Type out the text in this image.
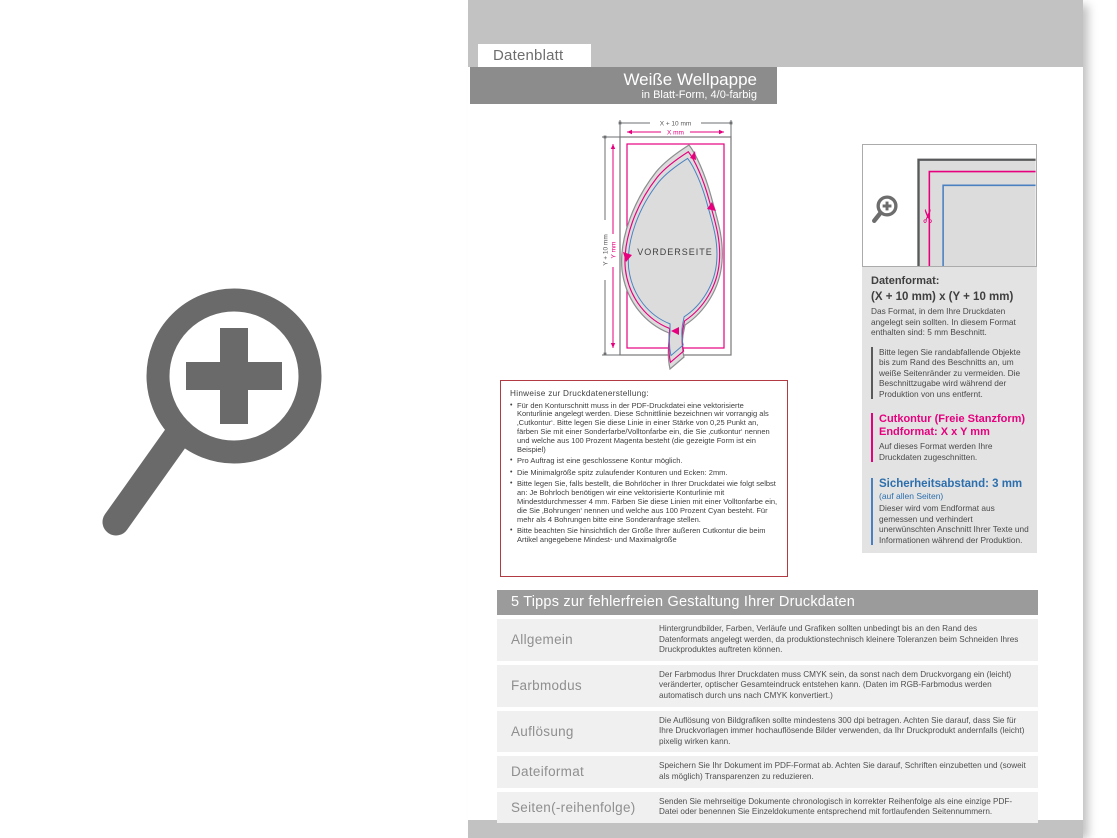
Datenblatt
Weiße Wellpappe
in Blatt-Form, 4/0-farbig
X + 10 mm
X mm
Y + 10 mm Y mm VORDERSEITE
✂
Datenformat:
(X + 10 mm) x (Y + 10 mm)
Das Format, in dem Ihre Druckdaten angelegt sein sollten. In diesem Format enthalten sind: 5 mm Beschnitt.
Bitte legen Sie randabfallende Objekte bis zum Rand des Beschnitts an, um weiße Seitenränder zu vermeiden. Die Beschnittzugabe wird während der Produktion von uns entfernt.
Cutkontur (Freie Stanzform)
Endformat: X x Y mm
Auf dieses Format werden Ihre Druckdaten zugeschnitten.
Sicherheitsabstand: 3 mm
(auf allen Seiten)
Dieser wird vom Endformat aus gemessen und verhindert unerwünschten Anschnitt Ihrer Texte und Informationen während der Produktion.
Hinweise zur Druckdatenerstellung:
• Für den Konturschnitt muss in der PDF-Druckdatei eine vektorisierte Konturlinie angelegt werden. Diese Schnittlinie bezeichnen wir vorrangig als ‚Cutkontur‘. Bitte legen Sie diese Linie in einer Stärke von 0,25 Punkt an, färben Sie mit einer Sonderfarbe/Volltonfarbe ein, die Sie ‚cutkontur‘ nennen und welche aus 100 Prozent Magenta besteht (die gezeigte Form ist ein Beispiel)
• Pro Auftrag ist eine geschlossene Kontur möglich.
• Die Minimalgröße spitz zulaufender Konturen und Ecken: 2mm.
• Bitte legen Sie, falls bestellt, die Bohrlöcher in Ihrer Druckdatei wie folgt selbst an: Je Bohrloch benötigen wir eine vektorisierte Konturlinie mit Mindestdurchmesser 4 mm. Färben Sie diese Linien mit einer Volltonfarbe ein, die Sie ‚Bohrungen‘ nennen und welche aus 100 Prozent Cyan besteht. Für mehr als 4 Bohrungen bitte eine Sonderanfrage stellen.
• Bitte beachten Sie hinsichtlich der Größe Ihrer äußeren Cutkontur die beim Artikel angegebene Mindest- und Maximalgröße
5 Tipps zur fehlerfreien Gestaltung Ihrer Druckdaten
Allgemein
Hintergrundbilder, Farben, Verläufe und Grafiken sollten unbedingt bis an den Rand des Datenformats angelegt werden, da produktionstechnisch kleinere Toleranzen beim Schneiden Ihres Druckproduktes auftreten können.
Farbmodus
Der Farbmodus Ihrer Druckdaten muss CMYK sein, da sonst nach dem Druckvorgang ein (leicht) veränderter, optischer Gesamteindruck entstehen kann. (Daten im RGB-Farbmodus werden automatisch durch uns nach CMYK konvertiert.)
Auflösung
Die Auflösung von Bildgrafiken sollte mindestens 300 dpi betragen. Achten Sie darauf, dass Sie für Ihre Druckvorlagen immer hochauflösende Bilder verwenden, da Ihr Druckprodukt andernfalls (leicht) pixelig wirken kann.
Dateiformat	Speichern Sie Ihr Dokument im PDF-Format ab. Achten Sie darauf, Schriften einzubetten und (soweit als möglich) Transparenzen zu reduzieren.
Seiten(-reihenfolge)	Senden Sie mehrseitige Dokumente chronologisch in korrekter Reihenfolge als eine einzige PDF-Datei oder benennen Sie Einzeldokumente entsprechend mit fortlaufenden Seitennummern.
